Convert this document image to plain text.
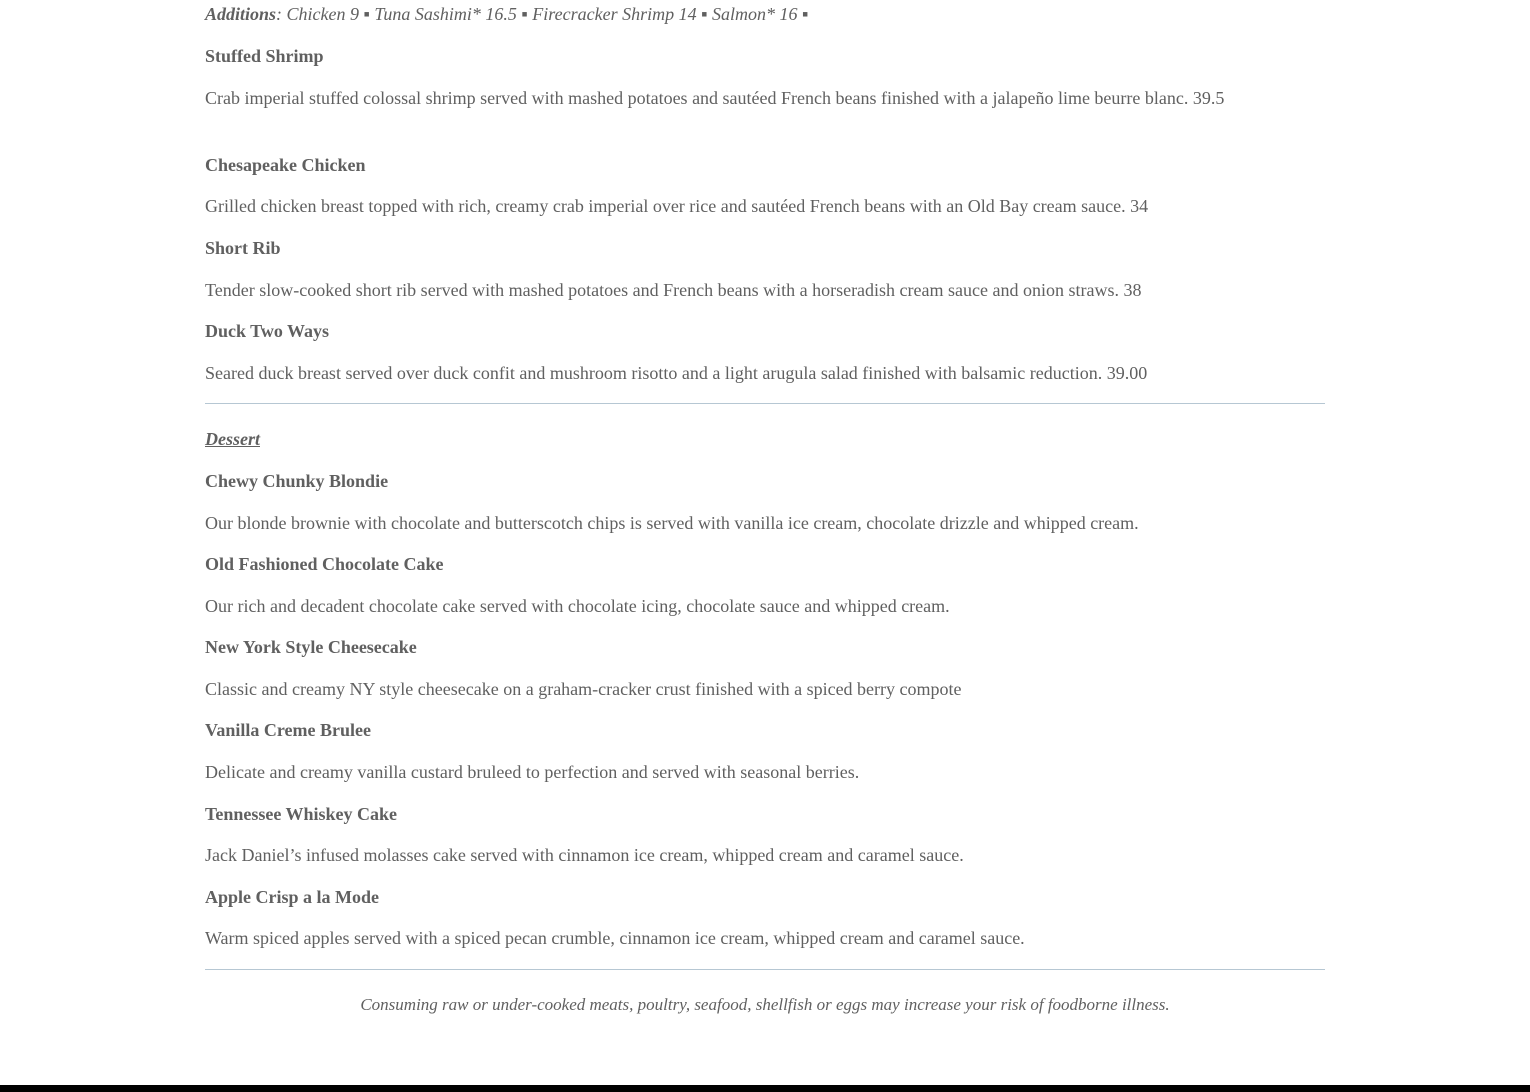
Additions: Chicken 9 ▪ Tuna Sashimi* 16.5 ▪ Firecracker Shrimp 14 ▪ Salmon* 16 ▪
Stuffed Shrimp
Crab imperial stuffed colossal shrimp served with mashed potatoes and sautéed French beans finished with a jalapeño lime beurre blanc. 39.5
Chesapeake Chicken
Grilled chicken breast topped with rich, creamy crab imperial over rice and sautéed French beans with an Old Bay cream sauce. 34
Short Rib
Tender slow-cooked short rib served with mashed potatoes and French beans with a horseradish cream sauce and onion straws. 38
Duck Two Ways
Seared duck breast served over duck confit and mushroom risotto and a light arugula salad finished with balsamic reduction. 39.00
Dessert
Chewy Chunky Blondie
Our blonde brownie with chocolate and butterscotch chips is served with vanilla ice cream, chocolate drizzle and whipped cream.
Old Fashioned Chocolate Cake
Our rich and decadent chocolate cake served with chocolate icing, chocolate sauce and whipped cream.
New York Style Cheesecake
Classic and creamy NY style cheesecake on a graham-cracker crust finished with a spiced berry compote
Vanilla Creme Brulee
Delicate and creamy vanilla custard bruleed to perfection and served with seasonal berries.
Tennessee Whiskey Cake
Jack Daniel’s infused molasses cake served with cinnamon ice cream, whipped cream and caramel sauce.
Apple Crisp a la Mode
Warm spiced apples served with a spiced pecan crumble, cinnamon ice cream, whipped cream and caramel sauce.
Consuming raw or under-cooked meats, poultry, seafood, shellfish or eggs may increase your risk of foodborne illness.
